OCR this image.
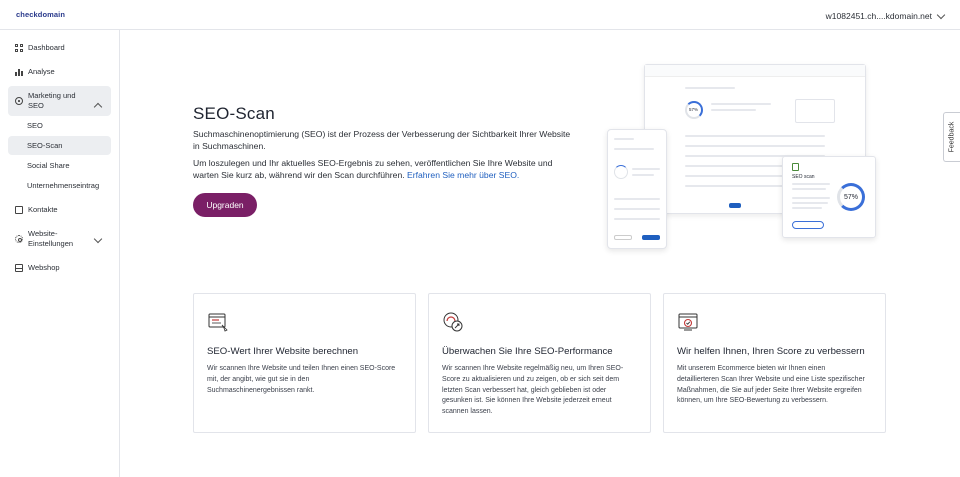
checkdomain	w1082451.ch....kdomain.net
Dashboard
Analyse
Marketing und
SEO
SEO
SEO-Scan
Social Share
Unternehmenseintrag
Kontakte
Website-
Einstellungen
Webshop
SEO-Scan

Suchmaschinenoptimierung (SEO) ist der Prozess der Verbesserung der Sichtbarkeit Ihrer Website in Suchmaschinen.

Um loszulegen und Ihr aktuelles SEO-Ergebnis zu sehen, veröffentlichen Sie Ihre Website und warten Sie kurz ab, während wir den Scan durchführen. Erfahren Sie mehr über SEO.

Upgraden
57%
SEO scan
57%
Feedback
SEO-Wert Ihrer Website berechnen
Wir scannen Ihre Website und teilen Ihnen einen SEO-Score mit, der angibt, wie gut sie in den Suchmaschinenergebnissen rankt.
Überwachen Sie Ihre SEO-Performance
Wir scannen Ihre Website regelmäßig neu, um Ihren SEO-Score zu aktualisieren und zu zeigen, ob er sich seit dem letzten Scan verbessert hat, gleich geblieben ist oder gesunken ist. Sie können Ihre Website jederzeit erneut scannen lassen.
Wir helfen Ihnen, Ihren Score zu verbessern
Mit unserem Ecommerce bieten wir Ihnen einen detaillierteren Scan Ihrer Website und eine Liste spezifischer Maßnahmen, die Sie auf jeder Seite Ihrer Website ergreifen können, um Ihre SEO-Bewertung zu verbessern.
